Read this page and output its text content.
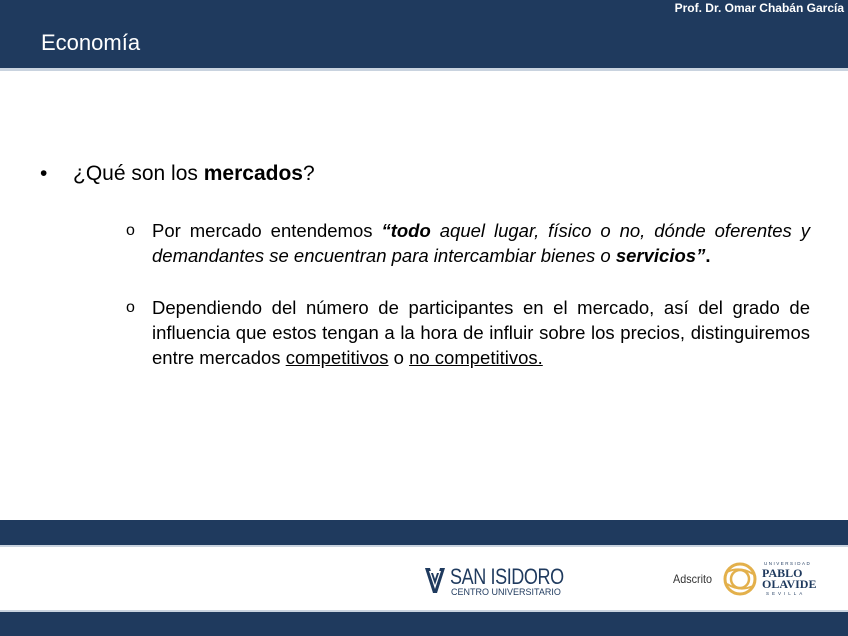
Prof. Dr. Omar Chabán García
Economía
• ¿Qué son los mercados?
o Por mercado entendemos “todo aquel lugar, físico o no, dónde oferentes y demandantes se encuentran para intercambiar bienes o servicios”.
o Dependiendo del número de participantes en el mercado, así del grado de influencia que estos tengan a la hora de influir sobre los precios, distinguiremos entre mercados competitivos o no competitivos.
SAN ISIDORO
CENTRO UNIVERSITARIO
Adscrito
UNIVERSIDAD
PABLO
OLAVIDE
SEVILLA
